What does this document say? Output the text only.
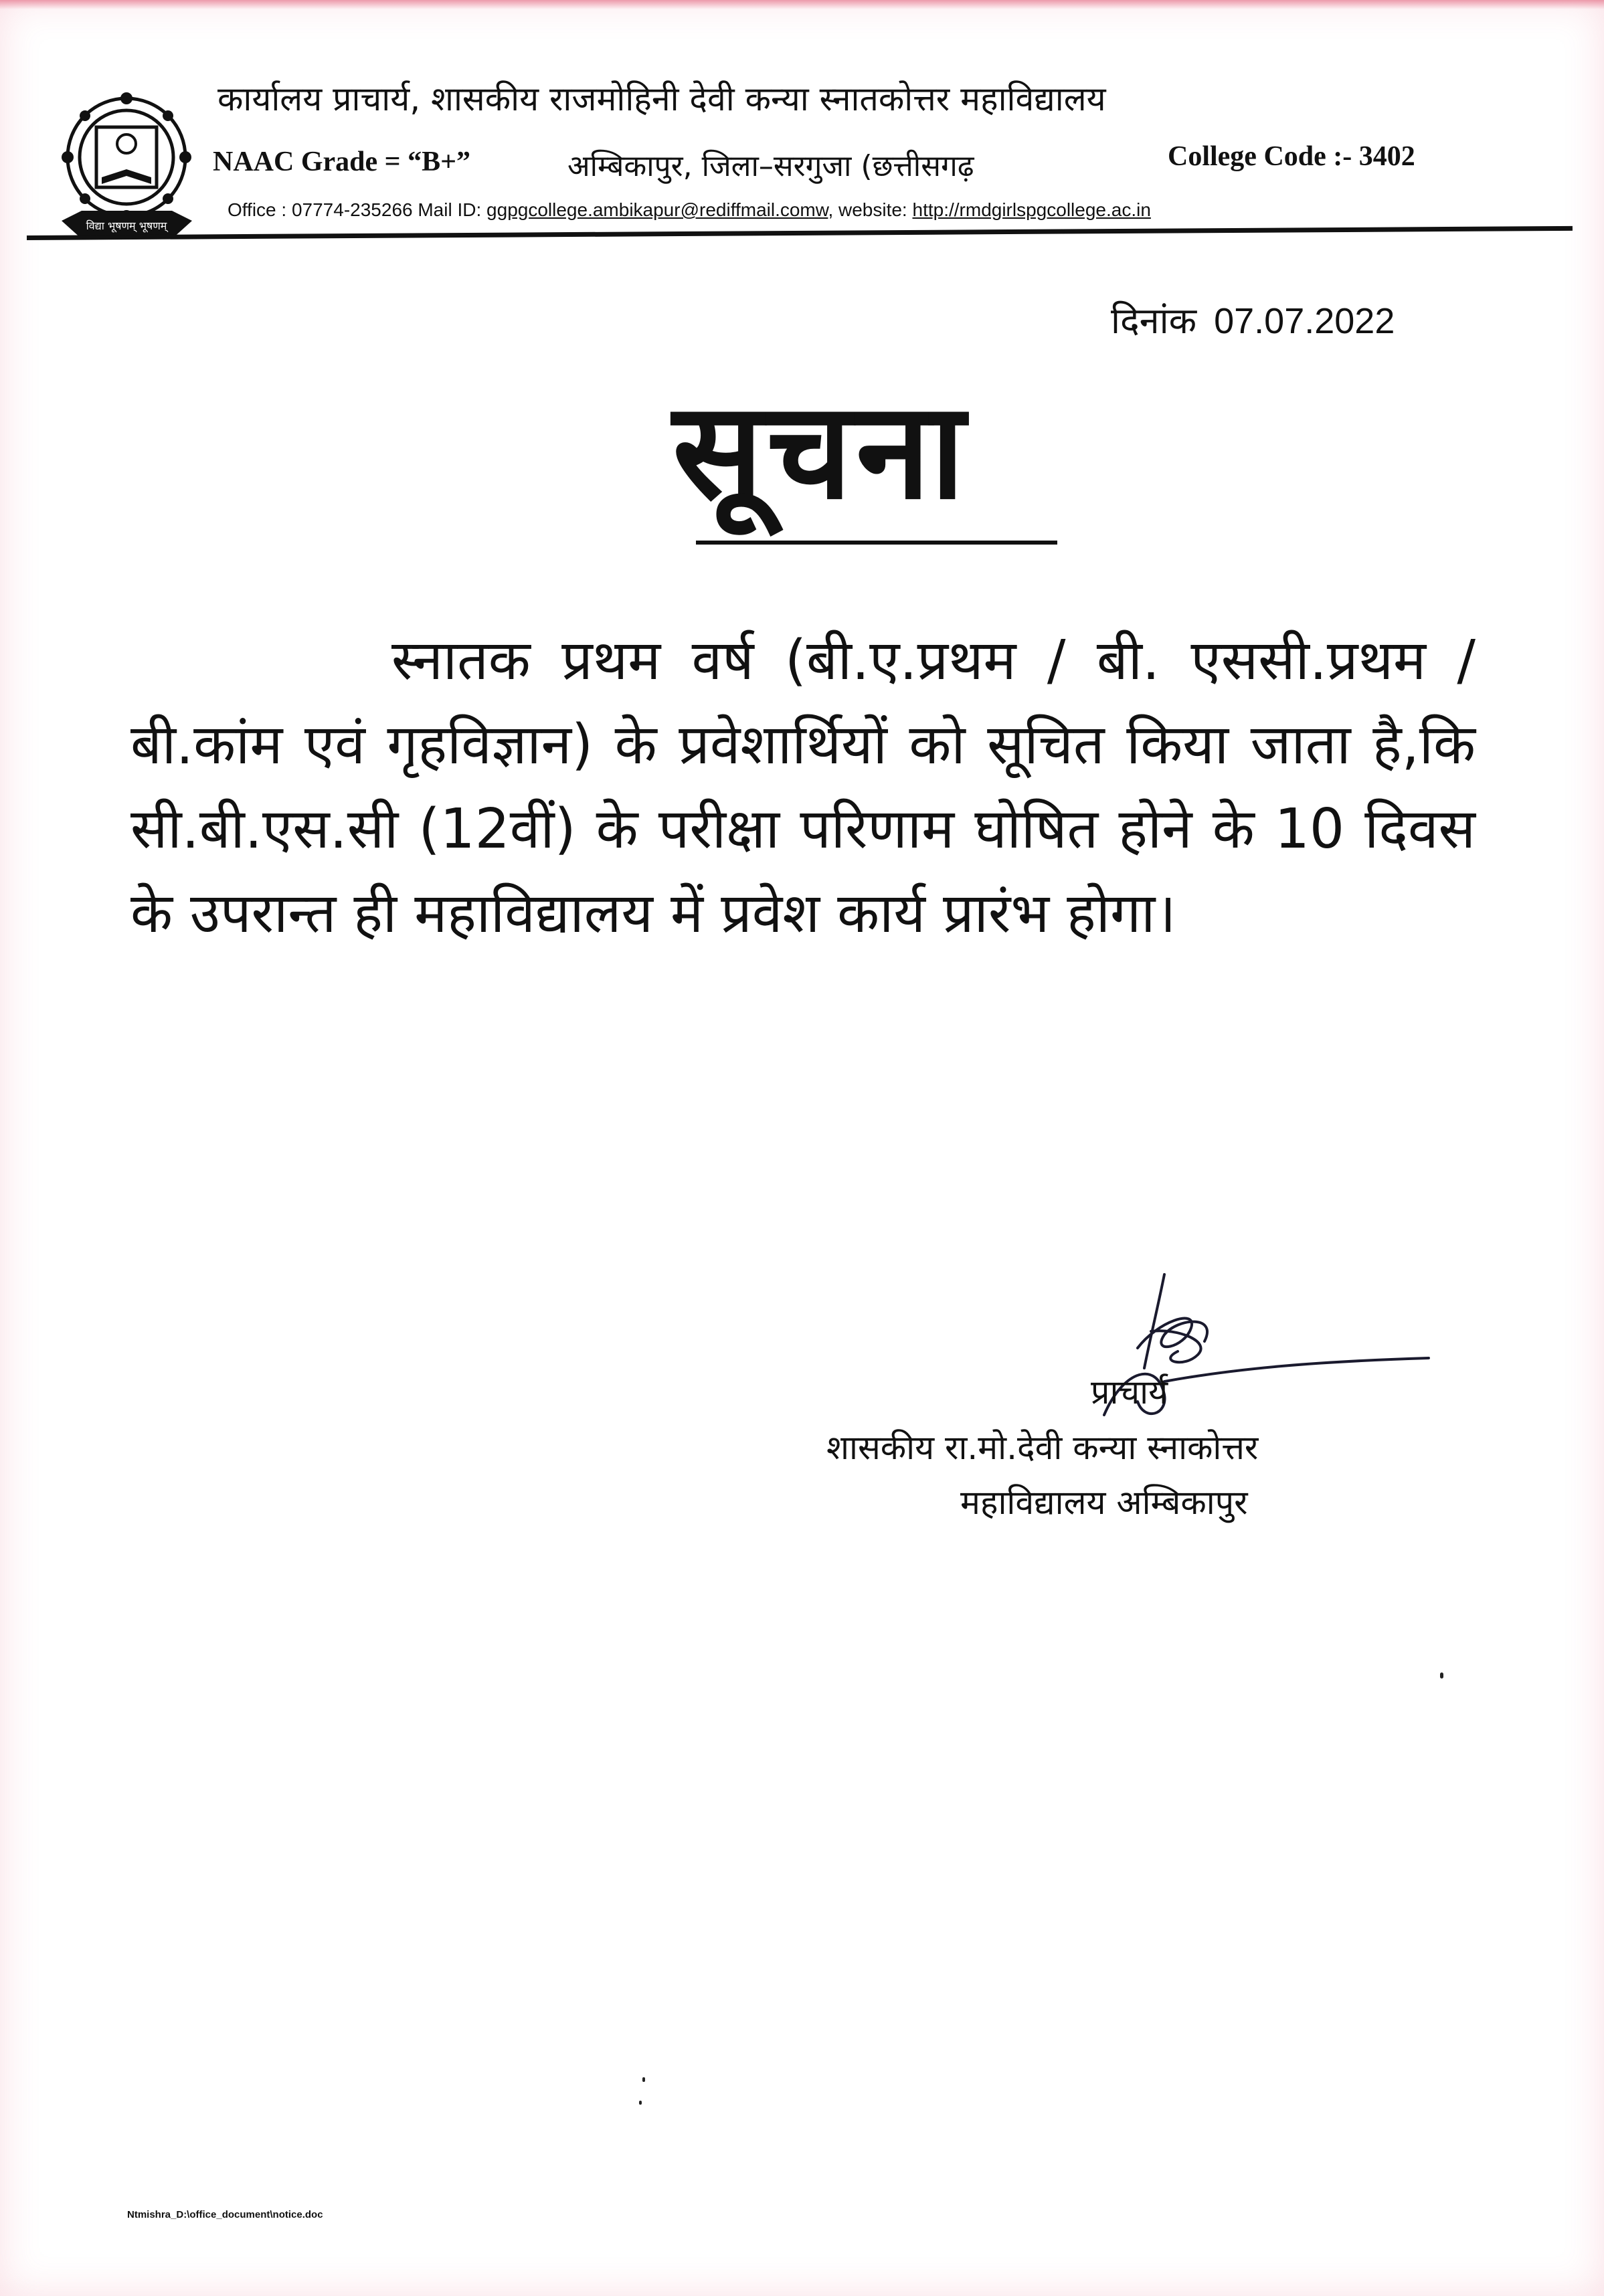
विद्या भूषणम् भूषणम्
कार्यालय प्राचार्य, शासकीय राजमोहिनी देवी कन्या स्नातकोत्तर महाविद्यालय
NAAC Grade = “B+”	अम्बिकापुर, जिला–सरगुजा (छत्तीसगढ़	College Code :- 3402
Office : 07774-235266 Mail ID: ggpgcollege.ambikapur@rediffmail.comw, website: http://rmdgirlspgcollege.ac.in
दिनांक 07.07.2022
सूचना
स्नातक प्रथम वर्ष (बी.ए.प्रथम / बी. एससी.प्रथम / बी.कांम एवं गृहविज्ञान) के प्रवेशार्थियों को सूचित किया जाता है,कि सी.बी.एस.सी (12वीं) के परीक्षा परिणाम घोषित होने के 10 दिवस के उपरान्त ही महाविद्यालय में प्रवेश कार्य प्रारंभ होगा।
प्राचार्य
शासकीय रा.मो.देवी कन्या स्नाकोत्तर
महाविद्यालय अम्बिकापुर
Ntmishra_D:\office_document\notice.doc
